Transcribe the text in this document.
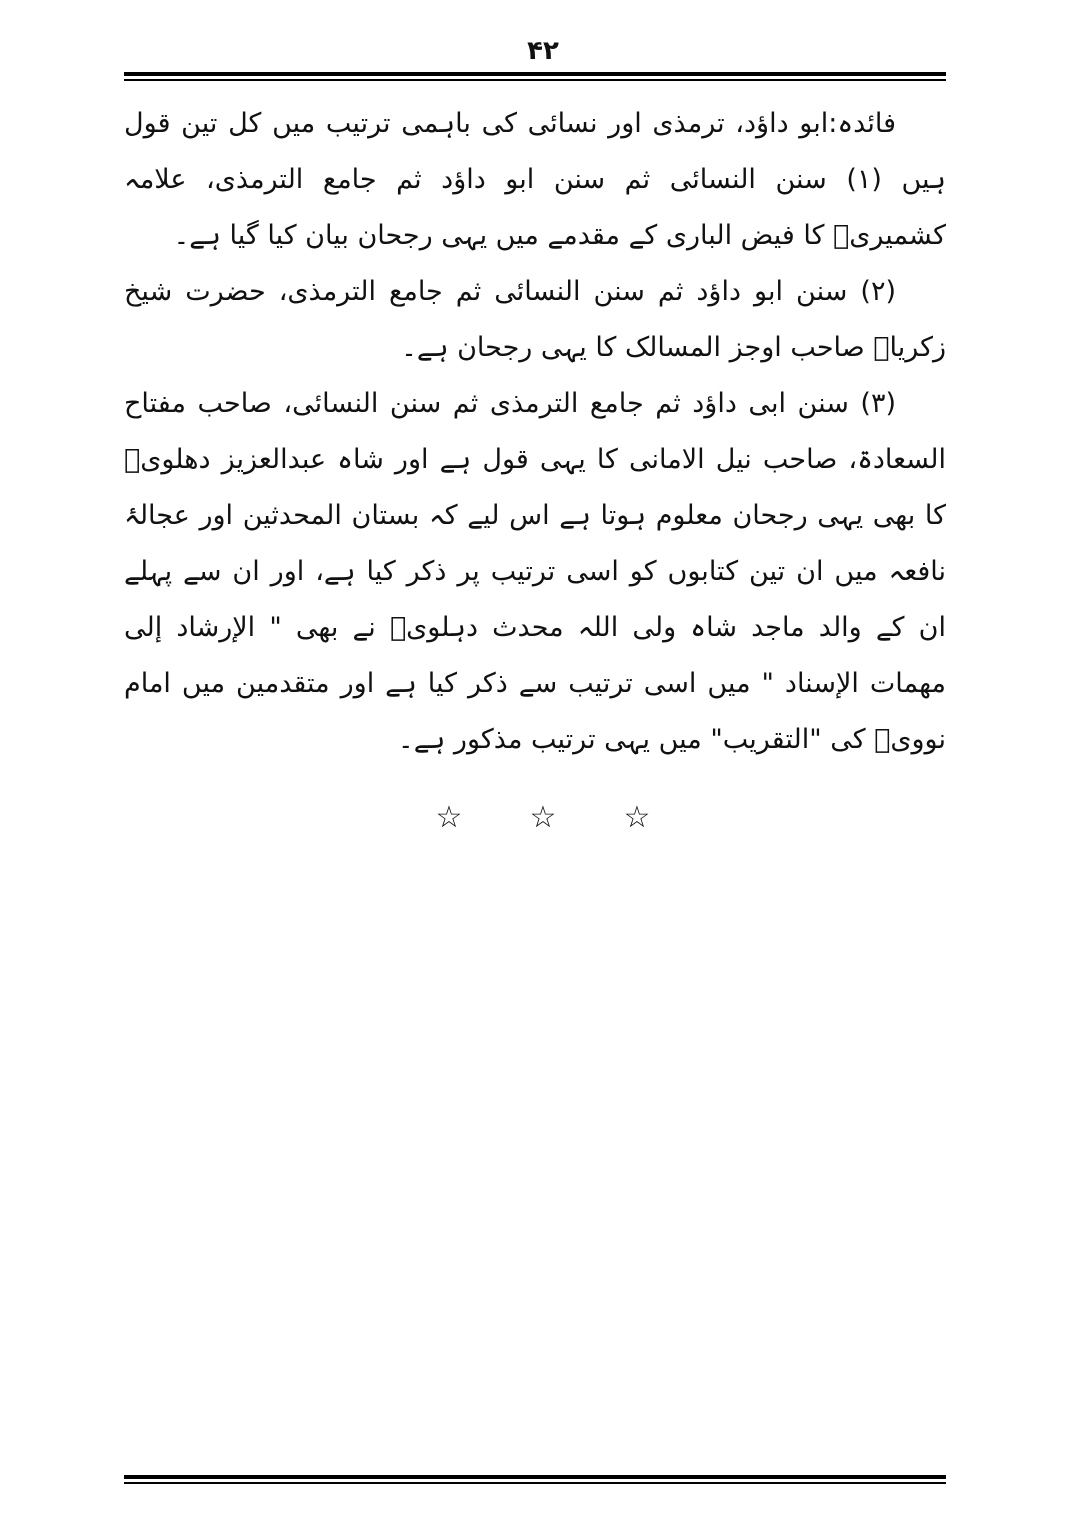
۴۲

فائدہ:ابو داؤد، ترمذی اور نسائی کی باہمی ترتیب میں کل تین قول ہیں (۱) سنن النسائی ثم سنن ابو داؤد ثم جامع الترمذی، علامہ کشمیریؒ کا فیض الباری کے مقدمے میں یہی رجحان بیان کیا گیا ہے۔

(۲) سنن ابو داؤد ثم سنن النسائی ثم جامع الترمذی، حضرت شیخ زکریاؒ صاحب اوجز المسالک کا یہی رجحان ہے۔

(۳) سنن ابی داؤد ثم جامع الترمذی ثم سنن النسائی، صاحب مفتاح السعادۃ، صاحب نیل الامانی کا یہی قول ہے اور شاہ عبدالعزیز دھلویؒ کا بھی یہی رجحان معلوم ہوتا ہے اس لیے کہ بستان المحدثین اور عجالۂ نافعہ میں ان تین کتابوں کو اسی ترتیب پر ذکر کیا ہے، اور ان سے پہلے ان کے والد ماجد شاہ ولی اللہ محدث دہلویؒ نے بھی " الإرشاد إلی مهمات الإسناد " میں اسی ترتیب سے ذکر کیا ہے اور متقدمین میں امام نوویؒ کی "التقریب" میں یہی ترتیب مذکور ہے۔

☆ ☆ ☆
